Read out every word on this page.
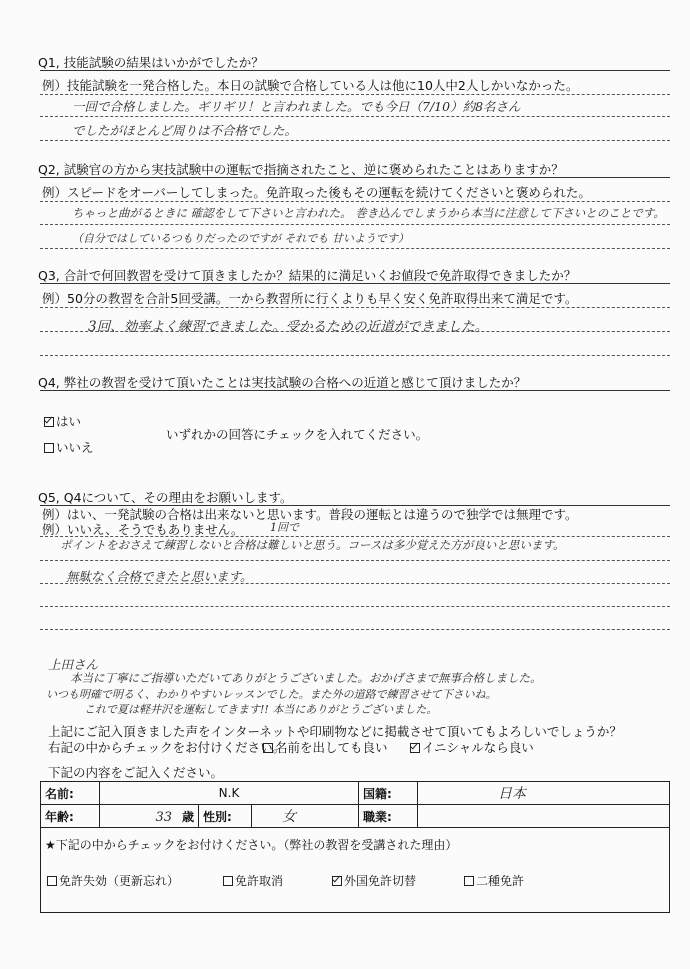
Q1, 技能試験の結果はいかがでしたか？
例）技能試験を一発合格した。本日の試験で合格している人は他に10人中2人しかいなかった。
一回で合格しました。ギリギリ！と言われました。でも今日（7/10）約8名さん
でしたがほとんど周りは不合格でした。
Q2, 試験官の方から実技試験中の運転で指摘されたこと、逆に褒められたことはありますか？
例）スピードをオーバーしてしまった。免許取った後もその運転を続けてくださいと褒められた。
ちゃっと曲がるときに 確認をして下さいと言われた。 巻き込んでしまうから本当に注意して下さいとのことです。
（自分ではしているつもりだったのですが それでも 甘いようです）
Q3, 合計で何回教習を受けて頂きましたか？結果的に満足いくお値段で免許取得できましたか？
例）50分の教習を合計5回受講。一から教習所に行くよりも早く安く免許取得出来て満足です。
3回、効率よく練習できました。受かるための近道ができました。
Q4, 弊社の教習を受けて頂いたことは実技試験の合格への近道と感じて頂けましたか？
はい
いずれかの回答にチェックを入れてください。
いいえ
Q5, Q4について、その理由をお願いします。
例）はい、一発試験の合格は出来ないと思います。普段の運転とは違うので独学では無理です。
例）いいえ、そうでもありません。 1回で
ポイントをおさえて練習しないと合格は難しいと思う。コースは多少覚えた方が良いと思います。
無駄なく合格できたと思います。
上田さん
本当に丁寧にご指導いただいてありがとうございました。おかげさまで無事合格しました。
いつも明確で明るく、わかりやすいレッスンでした。また外の道路で練習させて下さいね。
これで夏は軽井沢を運転してきます!! 本当にありがとうございました。
上記にご記入頂きました声をインターネットや印刷物などに掲載させて頂いてもよろしいでしょうか？
右記の中からチェックをお付けください。
名前を出しても良い	イニシャルなら良い
下記の内容をご記入ください。
名前:	N.K			国籍:	日本
年齢:	33 歳	性別:	女	職業:	

★下記の中からチェックをお付けください。（弊社の教習を受講された理由）
免許失効（更新忘れ） 免許取消 外国免許切替 二種免許					
